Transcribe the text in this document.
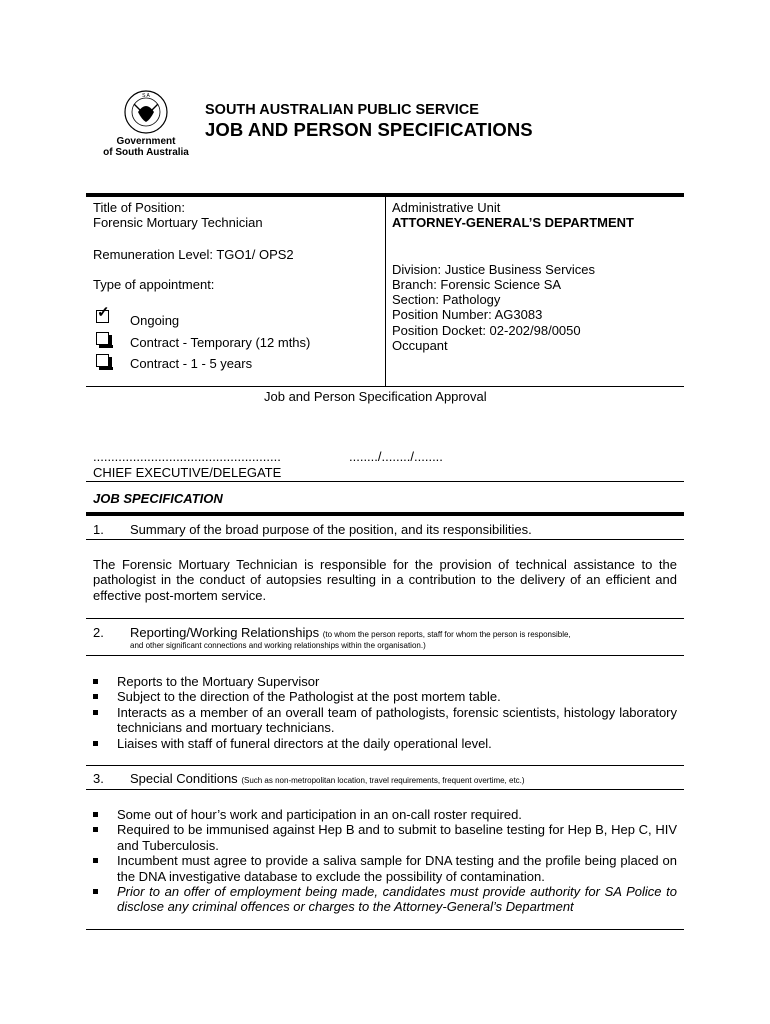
S A
Government
of South Australia
SOUTH AUSTRALIAN PUBLIC SERVICE
JOB AND PERSON SPECIFICATIONS
Title of Position:
Forensic Mortuary Technician
Remuneration Level: TGO1/ OPS2
Type of appointment:
✓ Ongoing
Contract - Temporary (12 mths)
Contract - 1 - 5 years
Administrative Unit
ATTORNEY-GENERAL’S DEPARTMENT
Division: Justice Business Services
Branch: Forensic Science SA
Section: Pathology
Position Number: AG3083
Position Docket: 02-202/98/0050
Occupant
Job and Person Specification Approval
....................................................	......../......../........
CHIEF EXECUTIVE/DELEGATE
JOB SPECIFICATION
1. Summary of the broad purpose of the position, and its responsibilities.
The Forensic Mortuary Technician is responsible for the provision of technical assistance to the pathologist in the conduct of autopsies resulting in a contribution to the delivery of an efficient and effective post-mortem service.
2. Reporting/Working Relationships (to whom the person reports, staff for whom the person is responsible,
and other significant connections and working relationships within the organisation.)
Reports to the Mortuary Supervisor
Subject to the direction of the Pathologist at the post mortem table.
Interacts as a member of an overall team of pathologists, forensic scientists, histology laboratory technicians and mortuary technicians.
Liaises with staff of funeral directors at the daily operational level.
3. Special Conditions (Such as non-metropolitan location, travel requirements, frequent overtime, etc.)
Some out of hour’s work and participation in an on-call roster required.
Required to be immunised against Hep B and to submit to baseline testing for Hep B, Hep C, HIV and Tuberculosis.
Incumbent must agree to provide a saliva sample for DNA testing and the profile being placed on the DNA investigative database to exclude the possibility of contamination.
Prior to an offer of employment being made, candidates must provide authority for SA Police to disclose any criminal offences or charges to the Attorney-General’s Department
